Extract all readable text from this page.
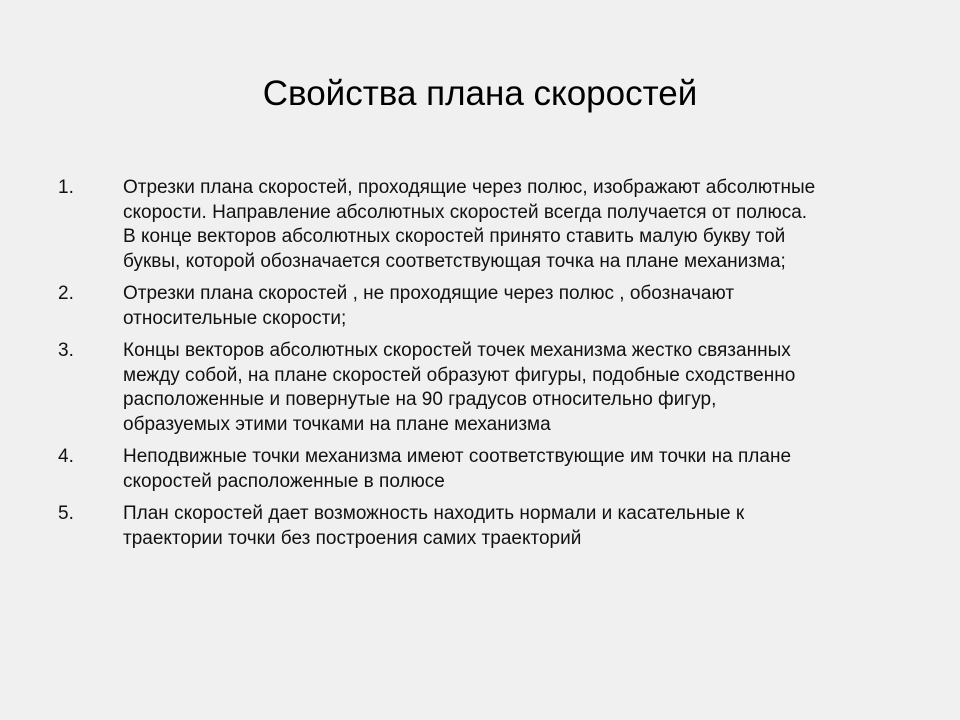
Свойства плана скоростей
1.	Отрезки плана скоростей, проходящие через полюс, изображают абсолютные
скорости. Направление абсолютных скоростей всегда получается от полюса.
В конце векторов абсолютных скоростей принято ставить малую букву той
буквы, которой обозначается соответствующая точка на плане механизма;
2.	Отрезки плана скоростей , не проходящие через полюс , обозначают
относительные скорости;
3.	Концы векторов абсолютных скоростей точек механизма жестко связанных
между собой, на плане скоростей образуют фигуры, подобные сходственно
расположенные и повернутые на 90 градусов относительно фигур,
образуемых этими точками на плане механизма
4.	Неподвижные точки механизма имеют соответствующие им точки на плане
скоростей расположенные в полюсе
5.	План скоростей дает возможность находить нормали и касательные к
траектории точки без построения самих траекторий
